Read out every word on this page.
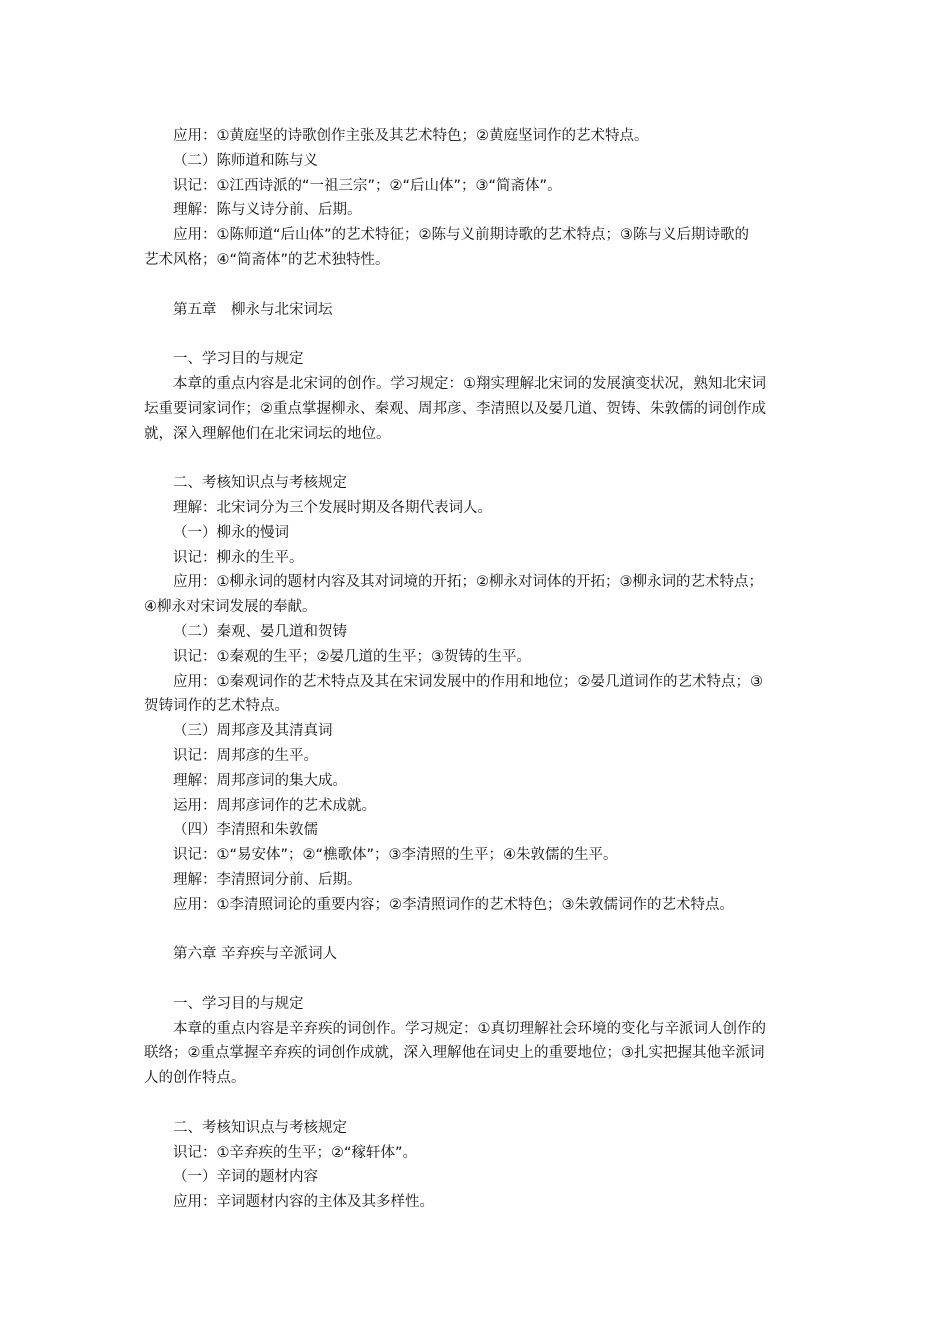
应用：①黄庭坚的诗歌创作主张及其艺术特色；②黄庭坚词作的艺术特点。
（二）陈师道和陈与义
识记：①江西诗派的“一祖三宗”；②“后山体”；③“简斋体”。
理解：陈与义诗分前、后期。
应用：①陈师道“后山体”的艺术特征；②陈与义前期诗歌的艺术特点；③陈与义后期诗歌的
艺术风格；④“简斋体”的艺术独特性。
第五章　柳永与北宋词坛
一、学习目的与规定
本章的重点内容是北宋词的创作。学习规定：①翔实理解北宋词的发展演变状况，熟知北宋词
坛重要词家词作；②重点掌握柳永、秦观、周邦彦、李清照以及晏几道、贺铸、朱敦儒的词创作成
就，深入理解他们在北宋词坛的地位。
二、考核知识点与考核规定
理解：北宋词分为三个发展时期及各期代表词人。
（一）柳永的慢词
识记：柳永的生平。
应用：①柳永词的题材内容及其对词境的开拓；②柳永对词体的开拓；③柳永词的艺术特点；
④柳永对宋词发展的奉献。
（二）秦观、晏几道和贺铸
识记：①秦观的生平；②晏几道的生平；③贺铸的生平。
应用：①秦观词作的艺术特点及其在宋词发展中的作用和地位；②晏几道词作的艺术特点；③
贺铸词作的艺术特点。
（三）周邦彦及其清真词
识记：周邦彦的生平。
理解：周邦彦词的集大成。
运用：周邦彦词作的艺术成就。
（四）李清照和朱敦儒
识记：①“易安体”；②“樵歌体”；③李清照的生平；④朱敦儒的生平。
理解：李清照词分前、后期。
应用：①李清照词论的重要内容；②李清照词作的艺术特色；③朱敦儒词作的艺术特点。
第六章 辛弃疾与辛派词人
一、学习目的与规定
本章的重点内容是辛弃疾的词创作。学习规定：①真切理解社会环境的变化与辛派词人创作的
联络；②重点掌握辛弃疾的词创作成就，深入理解他在词史上的重要地位；③扎实把握其他辛派词
人的创作特点。
二、考核知识点与考核规定
识记：①辛弃疾的生平；②“稼轩体”。
（一）辛词的题材内容
应用：辛词题材内容的主体及其多样性。
